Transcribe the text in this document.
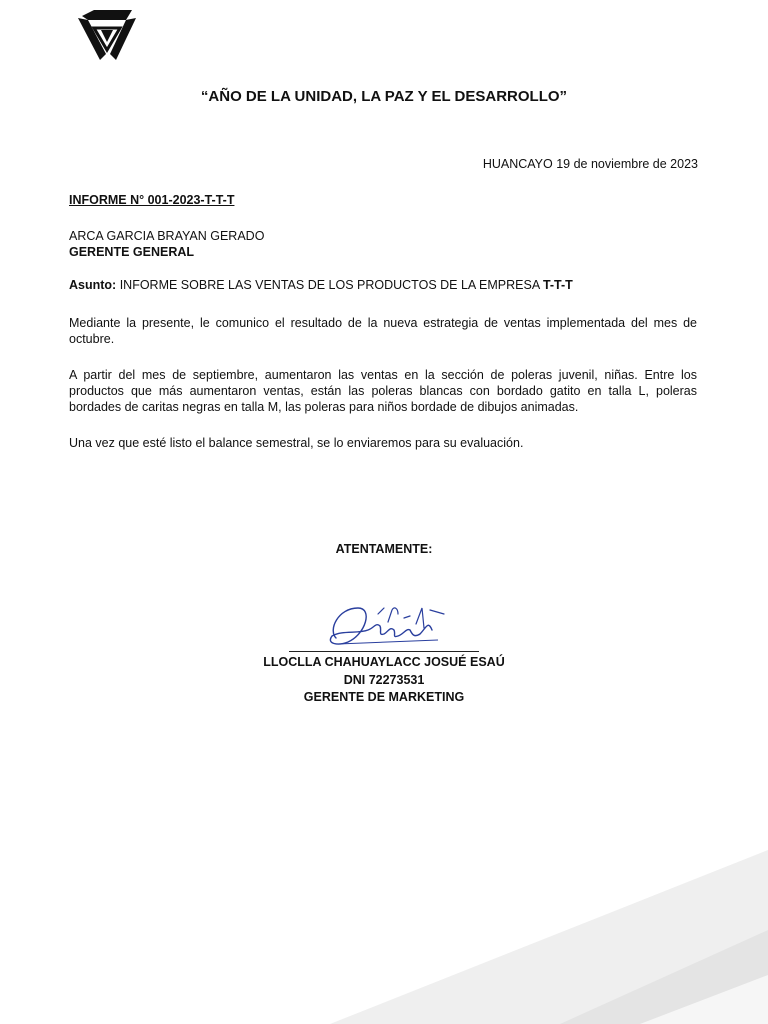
“AÑO DE LA UNIDAD, LA PAZ Y EL DESARROLLO”
HUANCAYO 19 de noviembre de 2023
INFORME N° 001-2023-T-T-T
ARCA GARCIA BRAYAN GERADO
GERENTE GENERAL
Asunto: INFORME SOBRE LAS VENTAS DE LOS PRODUCTOS DE LA EMPRESA T-T-T
Mediante la presente, le comunico el resultado de la nueva estrategia de ventas implementada del mes de octubre.
A partir del mes de septiembre, aumentaron las ventas en la sección de poleras juvenil, niñas. Entre los productos que más aumentaron ventas, están las poleras blancas con bordado gatito en talla L, poleras bordades de caritas negras en talla M, las poleras para niños bordade de dibujos animadas.
Una vez que esté listo el balance semestral, se lo enviaremos para su evaluación.
ATENTAMENTE:
LLOCLLA CHAHUAYLACC JOSUÉ ESAÚ
DNI 72273531
GERENTE DE MARKETING
